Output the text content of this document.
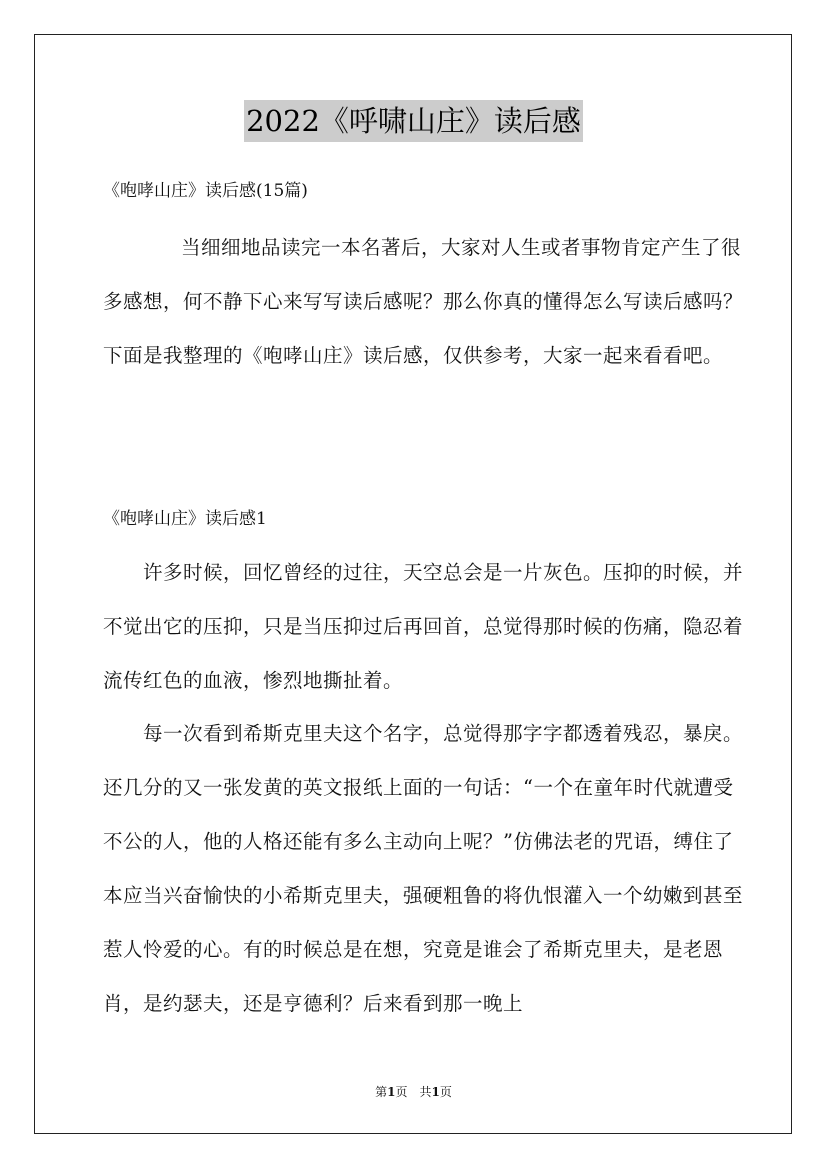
2022《呼啸山庄》读后感

《咆哮山庄》读后感(15篇)

当细细地品读完一本名著后，大家对人生或者事物肯定产生了很多感想，何不静下心来写写读后感呢？那么你真的懂得怎么写读后感吗？下面是我整理的《咆哮山庄》读后感，仅供参考，大家一起来看看吧。

《咆哮山庄》读后感1

许多时候，回忆曾经的过往，天空总会是一片灰色。压抑的时候，并不觉出它的压抑，只是当压抑过后再回首，总觉得那时候的伤痛，隐忍着流传红色的血液，惨烈地撕扯着。

每一次看到希斯克里夫这个名字，总觉得那字字都透着残忍，暴戾。还几分的又一张发黄的英文报纸上面的一句话：“一个在童年时代就遭受不公的人，他的人格还能有多么主动向上呢？”仿佛法老的咒语，缚住了本应当兴奋愉快的小希斯克里夫，强硬粗鲁的将仇恨灌入一个幼嫩到甚至惹人怜爱的心。有的时候总是在想，究竟是谁会了希斯克里夫，是老恩肖，是约瑟夫，还是亨德利？后来看到那一晚上

第1页　共1页
